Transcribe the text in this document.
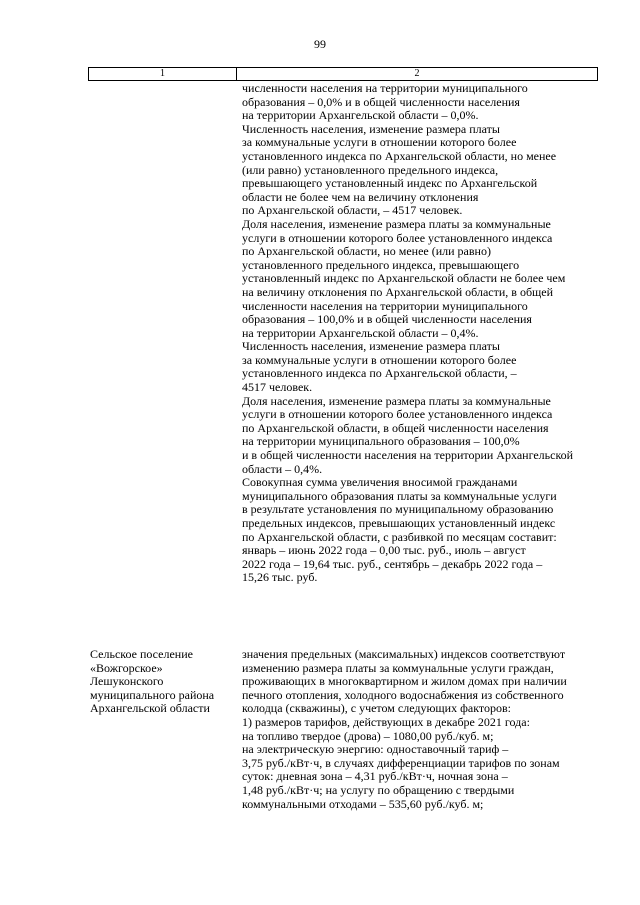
99
1	2
численности населения на территории муниципального
образования – 0,0% и в общей численности населения
на территории Архангельской области – 0,0%.
Численность населения, изменение размера платы
за коммунальные услуги в отношении которого более
установленного индекса по Архангельской области, но менее
(или равно) установленного предельного индекса,
превышающего установленный индекс по Архангельской
области не более чем на величину отклонения
по Архангельской области, – 4517 человек.
Доля населения, изменение размера платы за коммунальные
услуги в отношении которого более установленного индекса
по Архангельской области, но менее (или равно)
установленного предельного индекса, превышающего
установленный индекс по Архангельской области не более чем
на величину отклонения по Архангельской области, в общей
численности населения на территории муниципального
образования – 100,0% и в общей численности населения
на территории Архангельской области – 0,4%.
Численность населения, изменение размера платы
за коммунальные услуги в отношении которого более
установленного индекса по Архангельской области, –
4517 человек.
Доля населения, изменение размера платы за коммунальные
услуги в отношении которого более установленного индекса
по Архангельской области, в общей численности населения
на территории муниципального образования – 100,0%
и в общей численности населения на территории Архангельской
области – 0,4%.
Совокупная сумма увеличения вносимой гражданами
муниципального образования платы за коммунальные услуги
в результате установления по муниципальному образованию
предельных индексов, превышающих установленный индекс
по Архангельской области, с разбивкой по месяцам составит:
январь – июнь 2022 года – 0,00 тыс. руб., июль – август
2022 года – 19,64 тыс. руб., сентябрь – декабрь 2022 года –
15,26 тыс. руб.
Сельское поселение
«Вожгорское»
Лешуконского
муниципального района
Архангельской области
значения предельных (максимальных) индексов соответствуют
изменению размера платы за коммунальные услуги граждан,
проживающих в многоквартирном и жилом домах при наличии
печного отопления, холодного водоснабжения из собственного
колодца (скважины), с учетом следующих факторов:
1) размеров тарифов, действующих в декабре 2021 года:
на топливо твердое (дрова) – 1080,00 руб./куб. м;
на электрическую энергию: одноставочный тариф –
3,75 руб./кВт·ч, в случаях дифференциации тарифов по зонам
суток: дневная зона – 4,31 руб./кВт·ч, ночная зона –
1,48 руб./кВт·ч; на услугу по обращению с твердыми
коммунальными отходами – 535,60 руб./куб. м;
